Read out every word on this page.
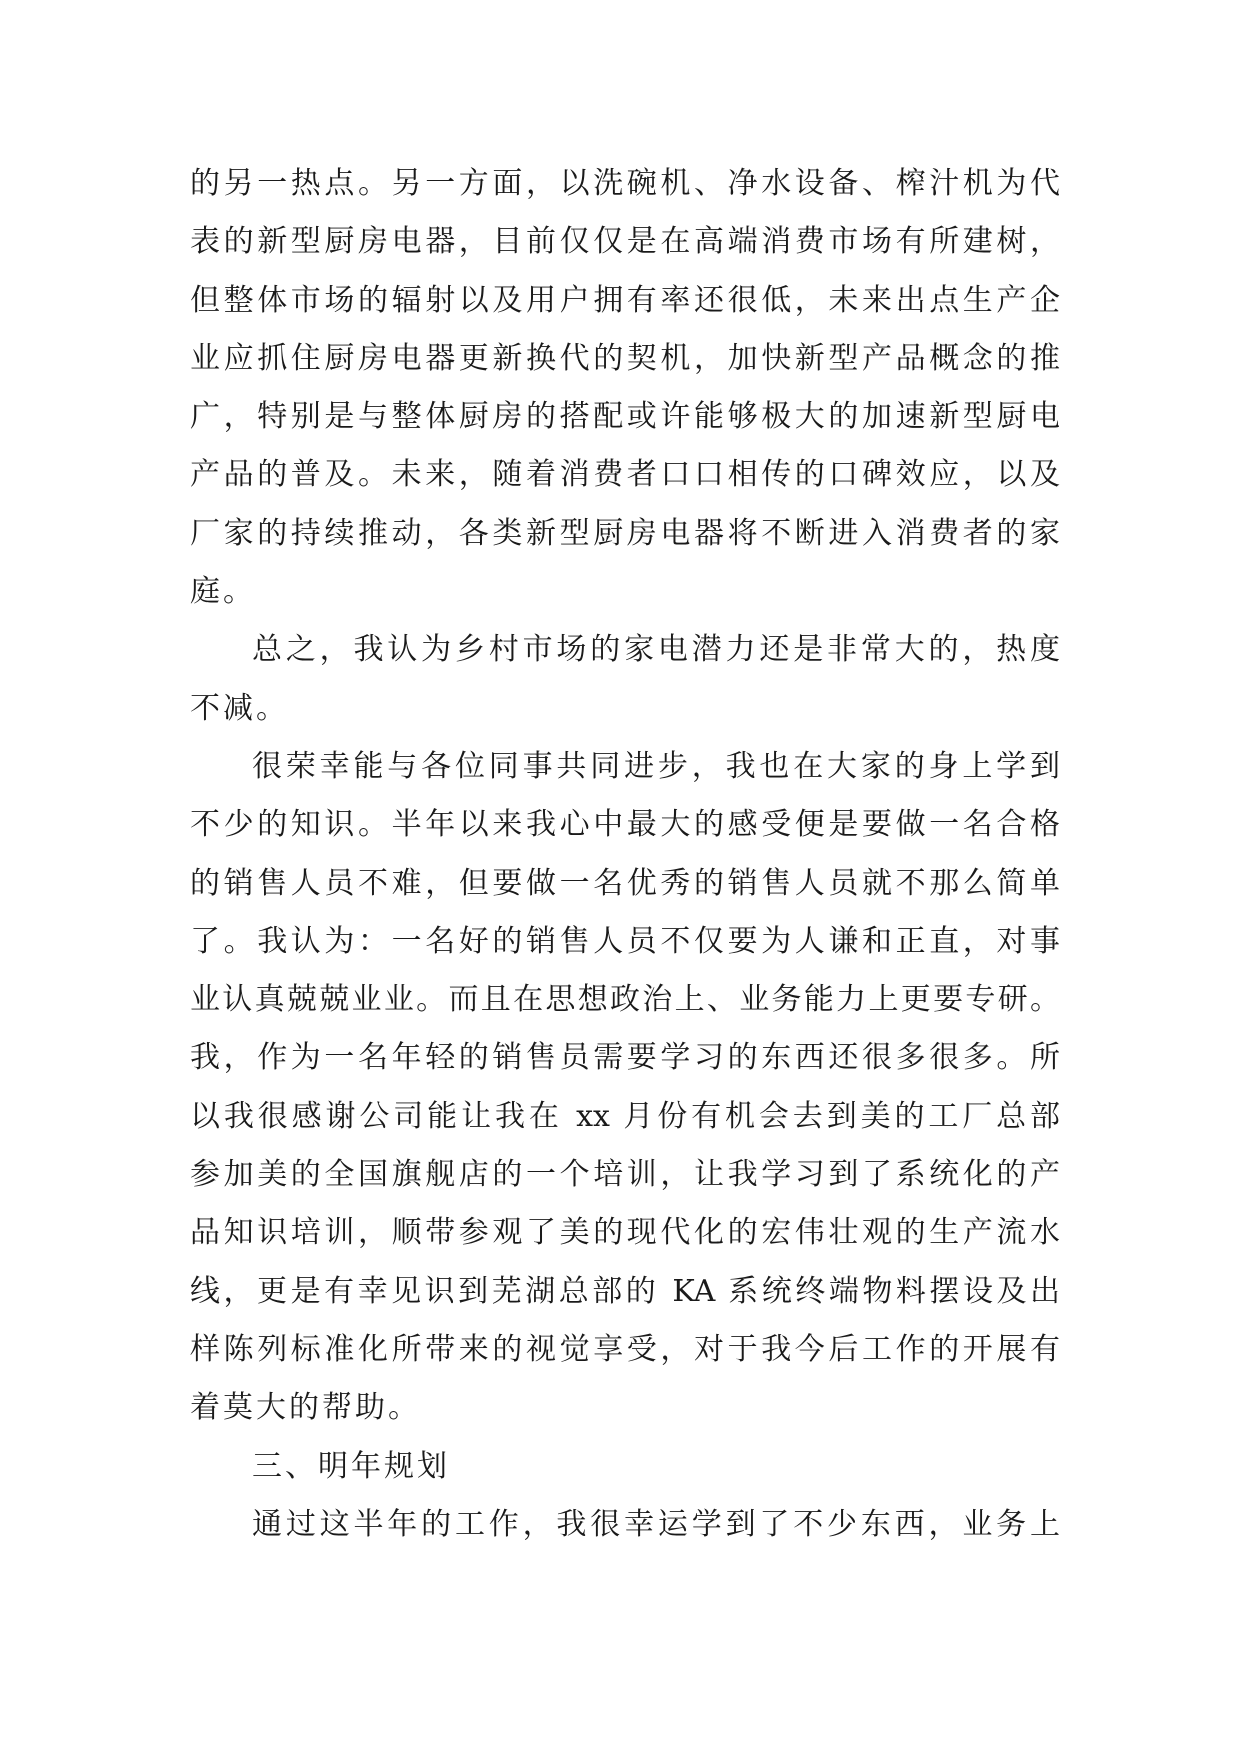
的另一热点。另一方面，以洗碗机、净水设备、榨汁机为代
表的新型厨房电器，目前仅仅是在高端消费市场有所建树，
但整体市场的辐射以及用户拥有率还很低，未来出点生产企
业应抓住厨房电器更新换代的契机，加快新型产品概念的推
广，特别是与整体厨房的搭配或许能够极大的加速新型厨电
产品的普及。未来，随着消费者口口相传的口碑效应，以及
厂家的持续推动，各类新型厨房电器将不断进入消费者的家
庭。
总之，我认为乡村市场的家电潜力还是非常大的，热度
不减。
很荣幸能与各位同事共同进步，我也在大家的身上学到
不少的知识。半年以来我心中最大的感受便是要做一名合格
的销售人员不难，但要做一名优秀的销售人员就不那么简单
了。我认为：一名好的销售人员不仅要为人谦和正直，对事
业认真兢兢业业。而且在思想政治上、业务能力上更要专研。
我，作为一名年轻的销售员需要学习的东西还很多很多。所
以我很感谢公司能让我在 xx 月份有机会去到美的工厂总部
参加美的全国旗舰店的一个培训，让我学习到了系统化的产
品知识培训，顺带参观了美的现代化的宏伟壮观的生产流水
线，更是有幸见识到芜湖总部的 KA 系统终端物料摆设及出
样陈列标准化所带来的视觉享受，对于我今后工作的开展有
着莫大的帮助。
三、明年规划
通过这半年的工作，我很幸运学到了不少东西，业务上
